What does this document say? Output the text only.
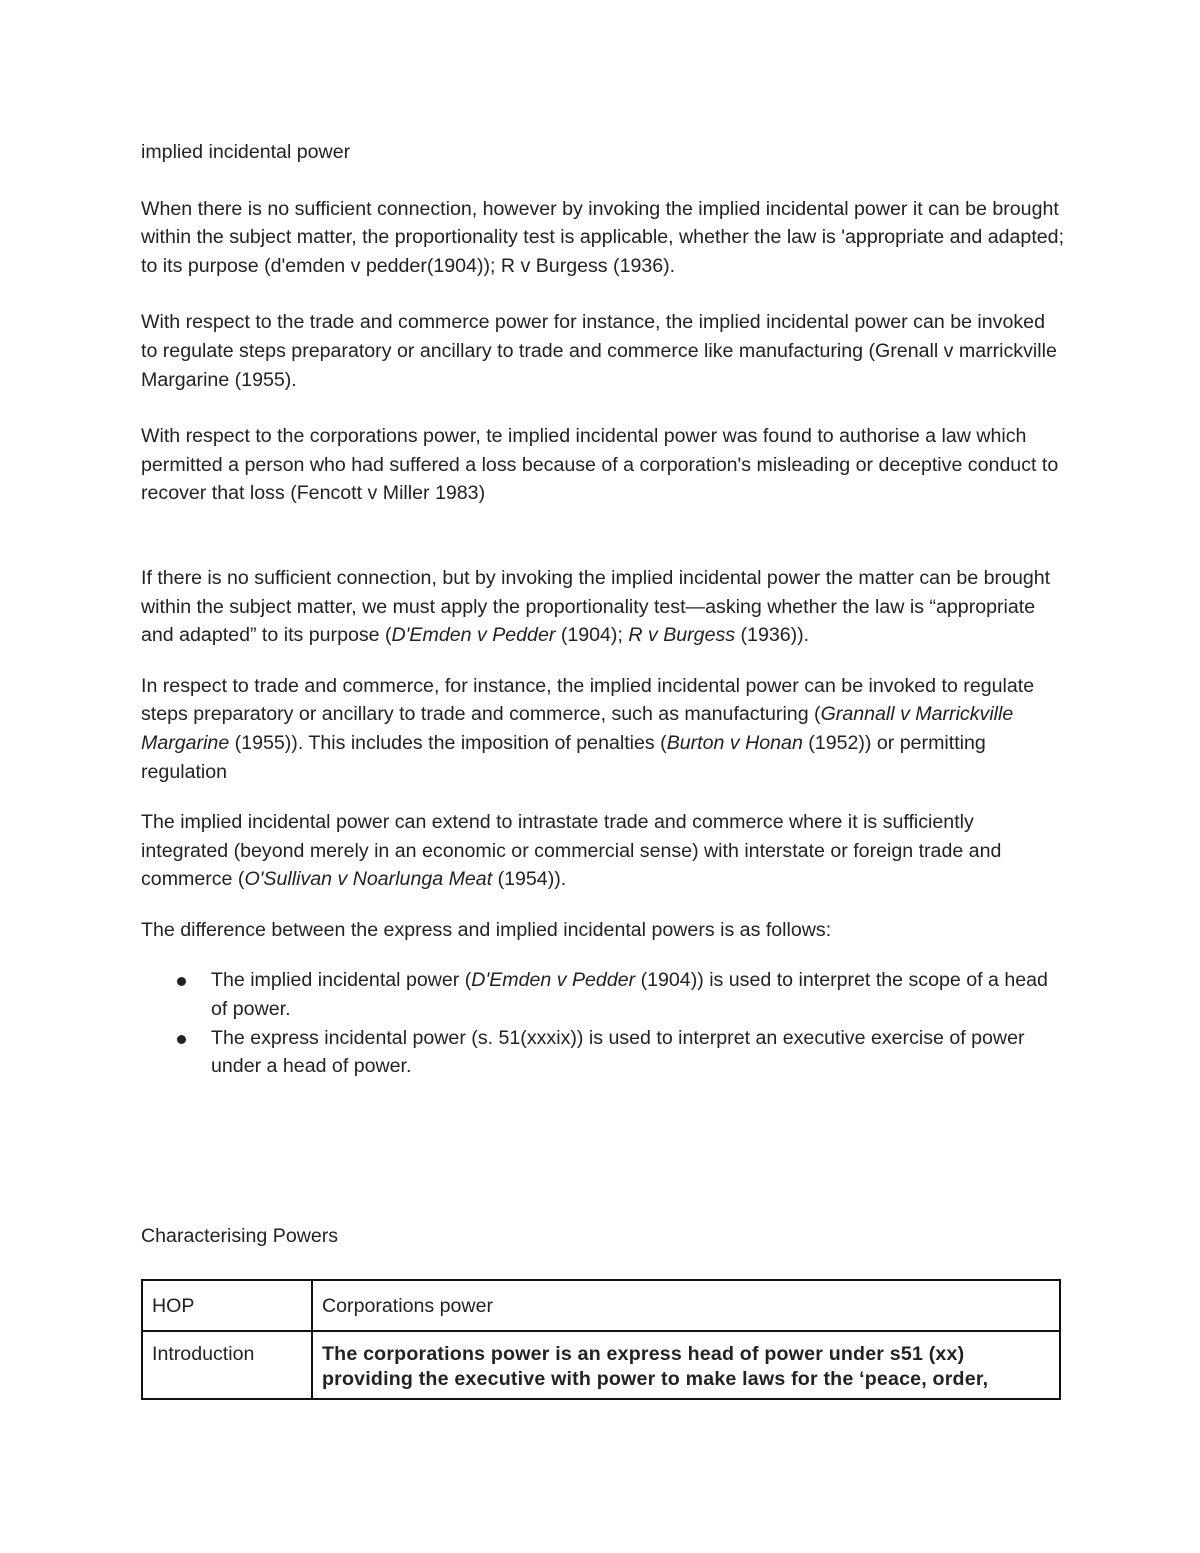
implied incidental power

When there is no sufficient connection, however by invoking the implied incidental power it can be brought within the subject matter, the proportionality test is applicable, whether the law is 'appropriate and adapted; to its purpose (d'emden v pedder(1904)); R v Burgess (1936).

With respect to the trade and commerce power for instance, the implied incidental power can be invoked to regulate steps preparatory or ancillary to trade and commerce like manufacturing (Grenall v marrickville Margarine (1955).

With respect to the corporations power, te implied incidental power was found to authorise a law which permitted a person who had suffered a loss because of a corporation's misleading or deceptive conduct to recover that loss (Fencott v Miller 1983)

If there is no sufficient connection, but by invoking the implied incidental power the matter can be brought within the subject matter, we must apply the proportionality test—asking whether the law is “appropriate and adapted” to its purpose (D'Emden v Pedder (1904); R v Burgess (1936)).

In respect to trade and commerce, for instance, the implied incidental power can be invoked to regulate steps preparatory or ancillary to trade and commerce, such as manufacturing (Grannall v Marrickville Margarine (1955)). This includes the imposition of penalties (Burton v Honan (1952)) or permitting regulation

The implied incidental power can extend to intrastate trade and commerce where it is sufficiently integrated (beyond merely in an economic or commercial sense) with interstate or foreign trade and commerce (O'Sullivan v Noarlunga Meat (1954)).

The difference between the express and implied incidental powers is as follows:

The implied incidental power (D'Emden v Pedder (1904)) is used to interpret the scope of a head of power.
The express incidental power (s. 51(xxxix)) is used to interpret an executive exercise of power under a head of power.
Characterising Powers
HOP	Corporations power
Introduction	The corporations power is an express head of power under s51 (xx) providing the executive with power to make laws for the ‘peace, order,
